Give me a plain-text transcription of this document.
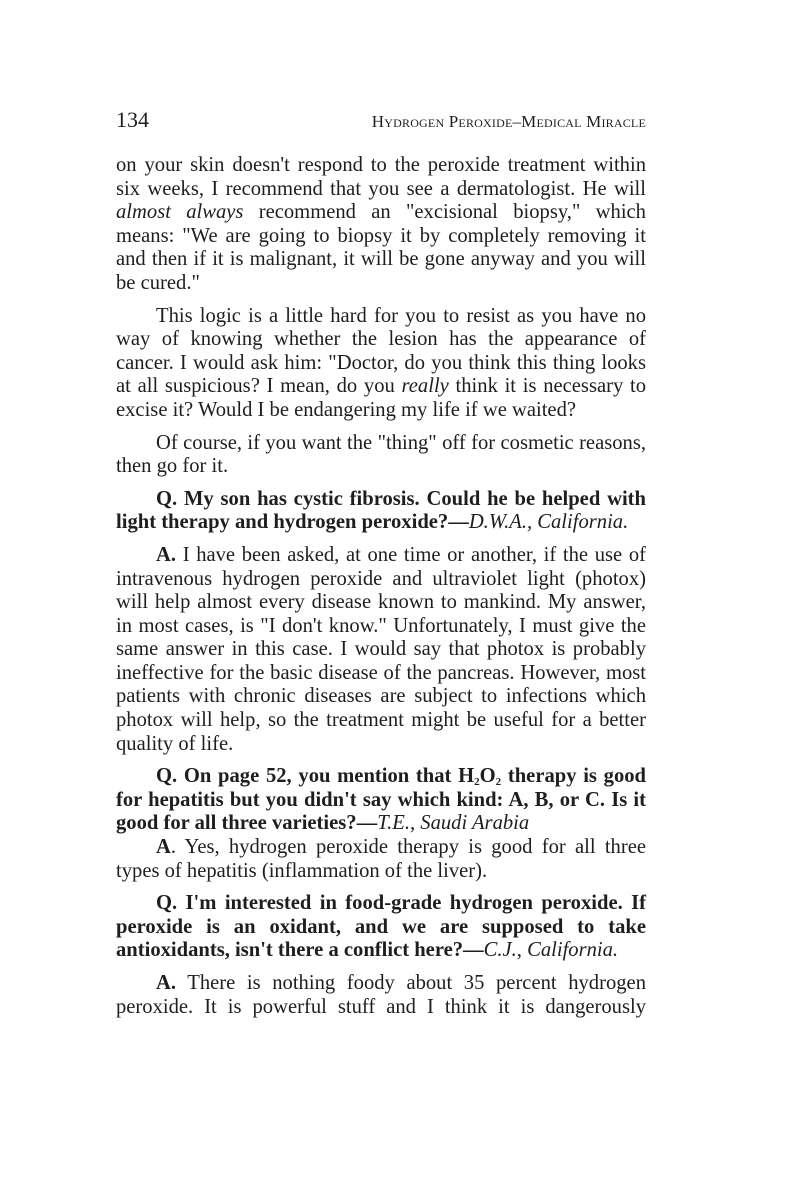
134	Hydrogen Peroxide–Medical Miracle

on your skin doesn't respond to the peroxide treatment within six weeks, I recommend that you see a dermatologist. He will almost always recommend an "excisional biopsy," which means: "We are going to biopsy it by completely removing it and then if it is malignant, it will be gone anyway and you will be cured."

This logic is a little hard for you to resist as you have no way of knowing whether the lesion has the appearance of cancer. I would ask him: "Doctor, do you think this thing looks at all suspicious? I mean, do you really think it is necessary to excise it? Would I be endangering my life if we waited?

Of course, if you want the "thing" off for cosmetic reasons, then go for it.

Q. My son has cystic fibrosis. Could he be helped with light therapy and hydrogen peroxide?—D.W.A., California.

A. I have been asked, at one time or another, if the use of intravenous hydrogen peroxide and ultraviolet light (photox) will help almost every disease known to mankind. My answer, in most cases, is "I don't know." Unfortunately, I must give the same answer in this case. I would say that photox is probably ineffective for the basic disease of the pancreas. However, most patients with chronic diseases are subject to infections which photox will help, so the treatment might be useful for a better quality of life.

Q. On page 52, you mention that $H_2O_2$ therapy is good for hepatitis but you didn't say which kind: A, B, or C. Is it good for all three varieties?—T.E., Saudi Arabia

A. Yes, hydrogen peroxide therapy is good for all three types of hepatitis (inflammation of the liver).

Q. I'm interested in food-grade hydrogen peroxide. If peroxide is an oxidant, and we are supposed to take antioxidants, isn't there a conflict here?—C.J., California.

A. There is nothing foody about 35 percent hydrogen peroxide. It is powerful stuff and I think it is dangerously
